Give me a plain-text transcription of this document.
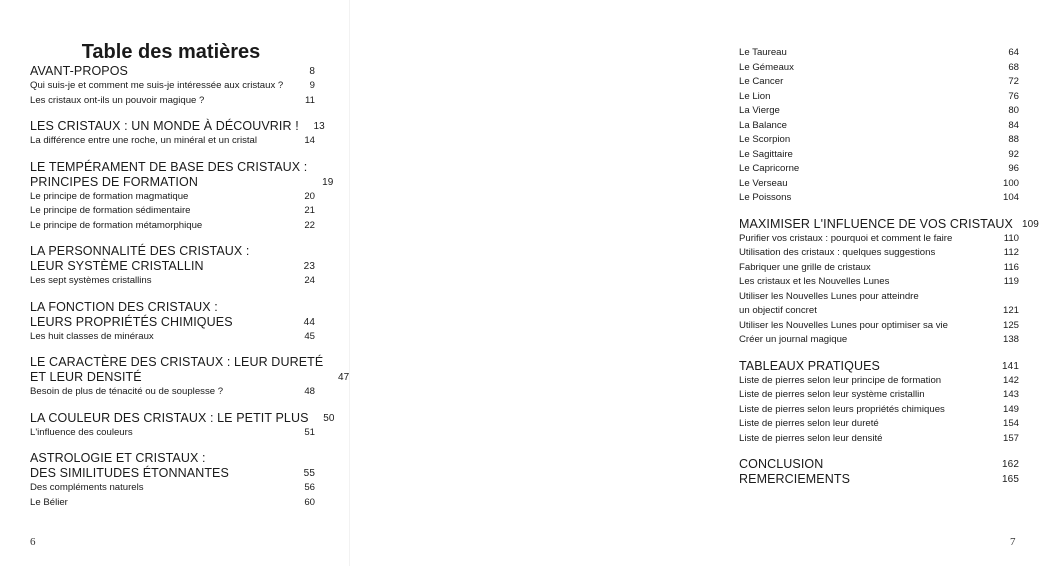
Table des matières
AVANT-PROPOS	8
Qui suis-je et comment me suis-je intéressée aux cristaux ?	9
Les cristaux ont-ils un pouvoir magique ?	11
LES CRISTAUX : UN MONDE À DÉCOUVRIR !	13
La différence entre une roche, un minéral et un cristal	14
LE TEMPÉRAMENT DE BASE DES CRISTAUX :
PRINCIPES DE FORMATION	19
Le principe de formation magmatique	20
Le principe de formation sédimentaire	21
Le principe de formation métamorphique	22
LA PERSONNALITÉ DES CRISTAUX :
LEUR SYSTÈME CRISTALLIN	23
Les sept systèmes cristallins	24
LA FONCTION DES CRISTAUX :
LEURS PROPRIÉTÉS CHIMIQUES	44
Les huit classes de minéraux	45
LE CARACTÈRE DES CRISTAUX : LEUR DURETÉ
ET LEUR DENSITÉ	47
Besoin de plus de ténacité ou de souplesse ?	48
LA COULEUR DES CRISTAUX : LE PETIT PLUS	50
L'influence des couleurs	51
ASTROLOGIE ET CRISTAUX :
DES SIMILITUDES ÉTONNANTES	55
Des compléments naturels	56
Le Bélier	60
6
Le Taureau	64
Le Gémeaux	68
Le Cancer	72
Le Lion	76
La Vierge	80
La Balance	84
Le Scorpion	88
Le Sagittaire	92
Le Capricorne	96
Le Verseau	100
Le Poissons	104
MAXIMISER L'INFLUENCE DE VOS CRISTAUX 109
Purifier vos cristaux : pourquoi et comment le faire	110
Utilisation des cristaux : quelques suggestions	112
Fabriquer une grille de cristaux	116
Les cristaux et les Nouvelles Lunes	119
Utiliser les Nouvelles Lunes pour atteindre
un objectif concret	121
Utiliser les Nouvelles Lunes pour optimiser sa vie	125
Créer un journal magique	138
TABLEAUX PRATIQUES	141
Liste de pierres selon leur principe de formation	142
Liste de pierres selon leur système cristallin	143
Liste de pierres selon leurs propriétés chimiques	149
Liste de pierres selon leur dureté	154
Liste de pierres selon leur densité	157
CONCLUSION	162
REMERCIEMENTS	165
7
